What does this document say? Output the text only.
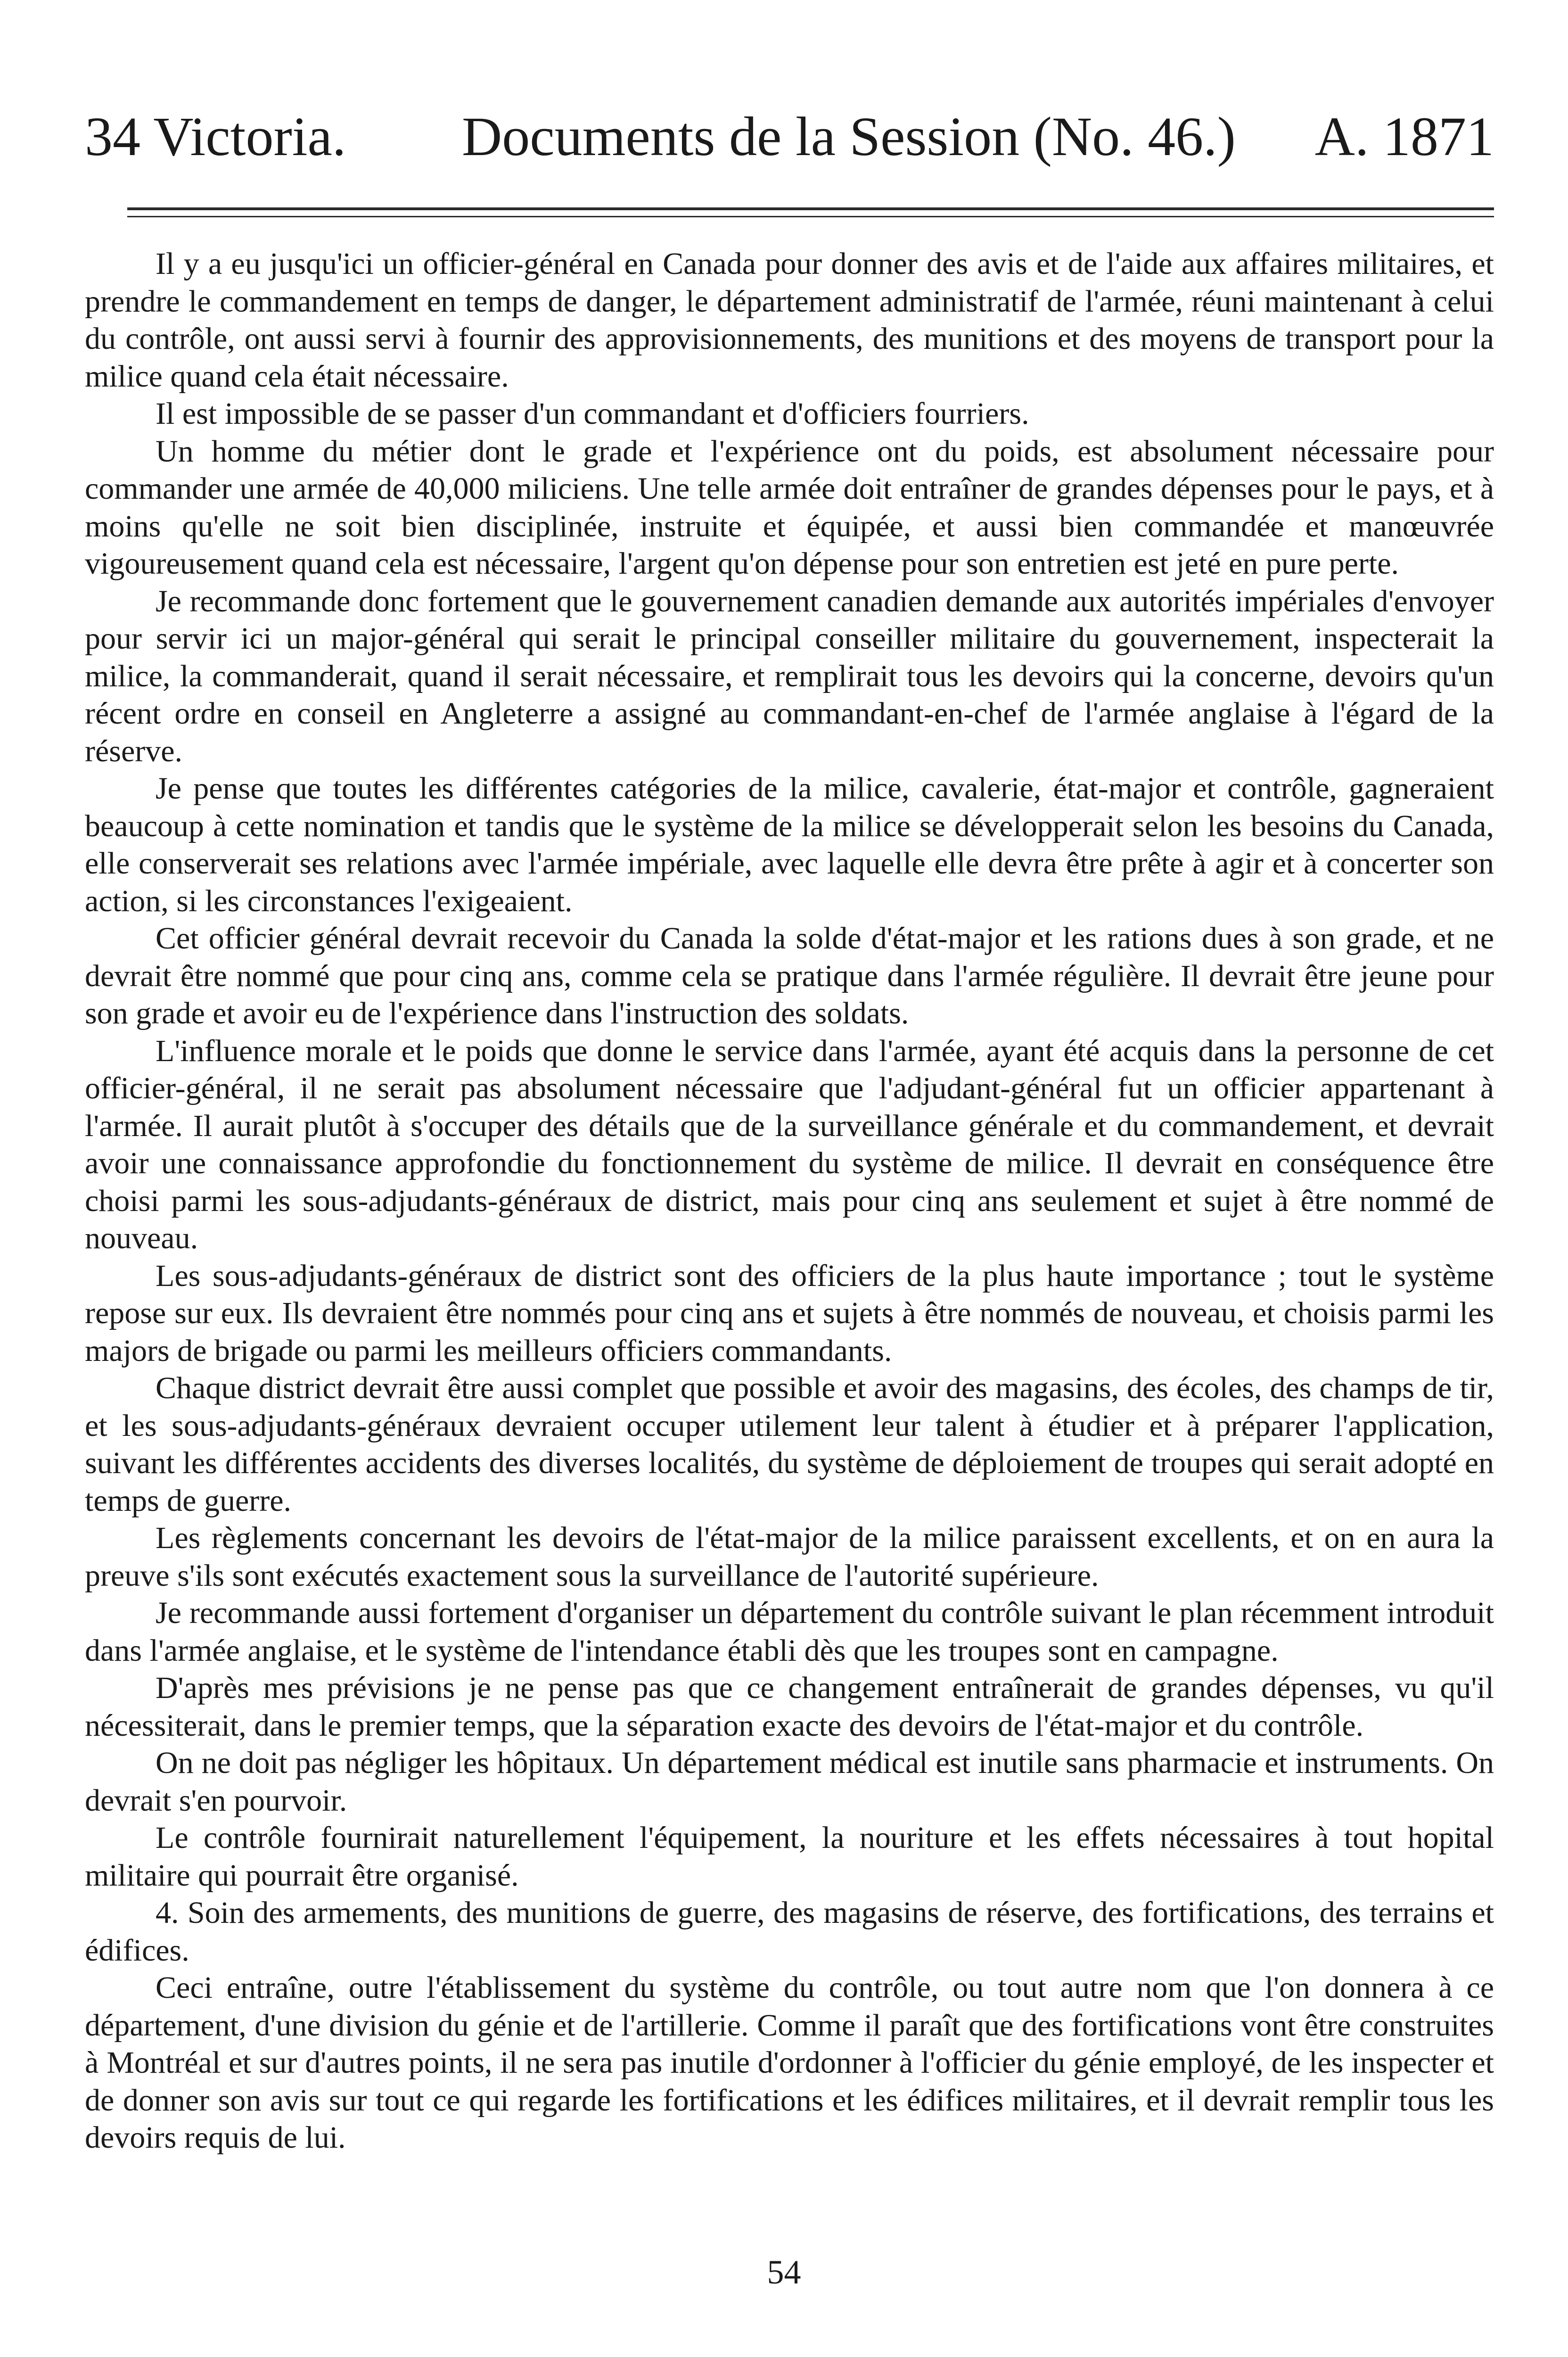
34 Victoria. Documents de la Session (No. 46.) A. 1871

Il y a eu jusqu'ici un officier-général en Canada pour donner des avis et de l'aide aux affaires militaires, et prendre le commandement en temps de danger, le département administratif de l'armée, réuni maintenant à celui du contrôle, ont aussi servi à fournir des approvisionnements, des munitions et des moyens de transport pour la milice quand cela était nécessaire.

Il est impossible de se passer d'un commandant et d'officiers fourriers.

Un homme du métier dont le grade et l'expérience ont du poids, est absolument nécessaire pour commander une armée de 40,000 miliciens. Une telle armée doit entraîner de grandes dépenses pour le pays, et à moins qu'elle ne soit bien disciplinée, instruite et équipée, et aussi bien commandée et manœuvrée vigoureusement quand cela est nécessaire, l'argent qu'on dépense pour son entretien est jeté en pure perte.

Je recommande donc fortement que le gouvernement canadien demande aux autorités impériales d'envoyer pour servir ici un major-général qui serait le principal conseiller militaire du gouvernement, inspecterait la milice, la commanderait, quand il serait nécessaire, et remplirait tous les devoirs qui la concerne, devoirs qu'un récent ordre en conseil en Angleterre a assigné au commandant-en-chef de l'armée anglaise à l'égard de la réserve.

Je pense que toutes les différentes catégories de la milice, cavalerie, état-major et contrôle, gagneraient beaucoup à cette nomination et tandis que le système de la milice se développerait selon les besoins du Canada, elle conserverait ses relations avec l'armée impériale, avec laquelle elle devra être prête à agir et à concerter son action, si les circonstances l'exigeaient.

Cet officier général devrait recevoir du Canada la solde d'état-major et les rations dues à son grade, et ne devrait être nommé que pour cinq ans, comme cela se pratique dans l'armée régulière. Il devrait être jeune pour son grade et avoir eu de l'expérience dans l'instruction des soldats.

L'influence morale et le poids que donne le service dans l'armée, ayant été acquis dans la personne de cet officier-général, il ne serait pas absolument nécessaire que l'adjudant-général fut un officier appartenant à l'armée. Il aurait plutôt à s'occuper des détails que de la surveillance générale et du commandement, et devrait avoir une connaissance approfondie du fonctionnement du système de milice. Il devrait en conséquence être choisi parmi les sous-adjudants-généraux de district, mais pour cinq ans seulement et sujet à être nommé de nouveau.

Les sous-adjudants-généraux de district sont des officiers de la plus haute importance ; tout le système repose sur eux. Ils devraient être nommés pour cinq ans et sujets à être nommés de nouveau, et choisis parmi les majors de brigade ou parmi les meilleurs officiers commandants.

Chaque district devrait être aussi complet que possible et avoir des magasins, des écoles, des champs de tir, et les sous-adjudants-généraux devraient occuper utilement leur talent à étudier et à préparer l'application, suivant les différentes accidents des diverses localités, du système de déploiement de troupes qui serait adopté en temps de guerre.

Les règlements concernant les devoirs de l'état-major de la milice paraissent excellents, et on en aura la preuve s'ils sont exécutés exactement sous la surveillance de l'autorité supérieure.

Je recommande aussi fortement d'organiser un département du contrôle suivant le plan récemment introduit dans l'armée anglaise, et le système de l'intendance établi dès que les troupes sont en campagne.

D'après mes prévisions je ne pense pas que ce changement entraînerait de grandes dépenses, vu qu'il nécessiterait, dans le premier temps, que la séparation exacte des devoirs de l'état-major et du contrôle.

On ne doit pas négliger les hôpitaux. Un département médical est inutile sans pharmacie et instruments. On devrait s'en pourvoir.

Le contrôle fournirait naturellement l'équipement, la nouriture et les effets nécessaires à tout hopital militaire qui pourrait être organisé.

4. Soin des armements, des munitions de guerre, des magasins de réserve, des fortifications, des terrains et édifices.

Ceci entraîne, outre l'établissement du système du contrôle, ou tout autre nom que l'on donnera à ce département, d'une division du génie et de l'artillerie. Comme il paraît que des fortifications vont être construites à Montréal et sur d'autres points, il ne sera pas inutile d'ordonner à l'officier du génie employé, de les inspecter et de donner son avis sur tout ce qui regarde les fortifications et les édifices militaires, et il devrait remplir tous les devoirs requis de lui.

54
